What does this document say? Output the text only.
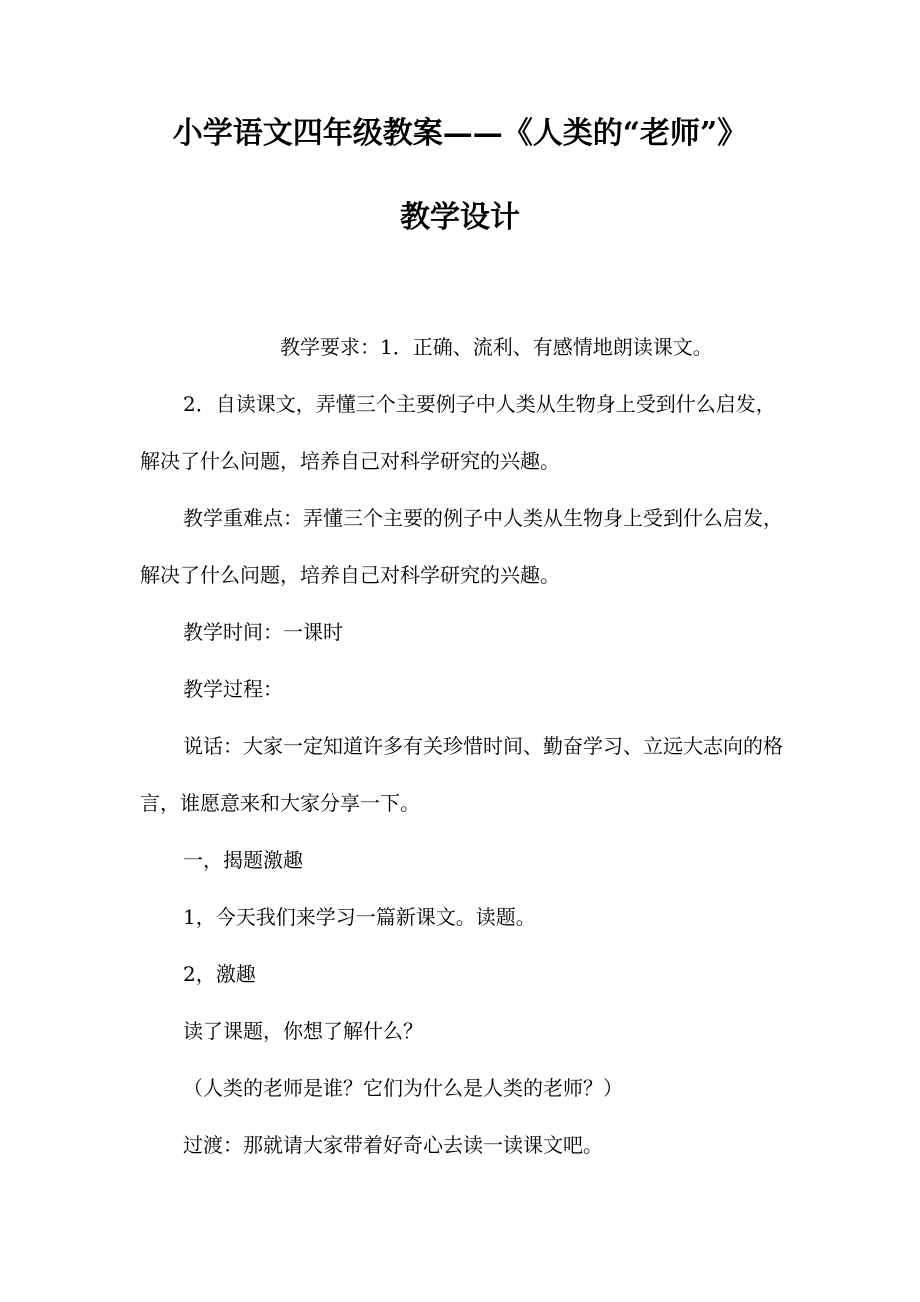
小学语文四年级教案——《人类的“老师”》
教学设计

教学要求：1．正确、流利、有感情地朗读课文。

2．自读课文，弄懂三个主要例子中人类从生物身上受到什么启发，解决了什么问题，培养自己对科学研究的兴趣。

教学重难点：弄懂三个主要的例子中人类从生物身上受到什么启发，解决了什么问题，培养自己对科学研究的兴趣。

教学时间：一课时

教学过程：

说话：大家一定知道许多有关珍惜时间、勤奋学习、立远大志向的格言，谁愿意来和大家分享一下。

一，揭题激趣

1，今天我们来学习一篇新课文。读题。

2，激趣

读了课题，你想了解什么？

（人类的老师是谁？它们为什么是人类的老师？）

过渡：那就请大家带着好奇心去读一读课文吧。
